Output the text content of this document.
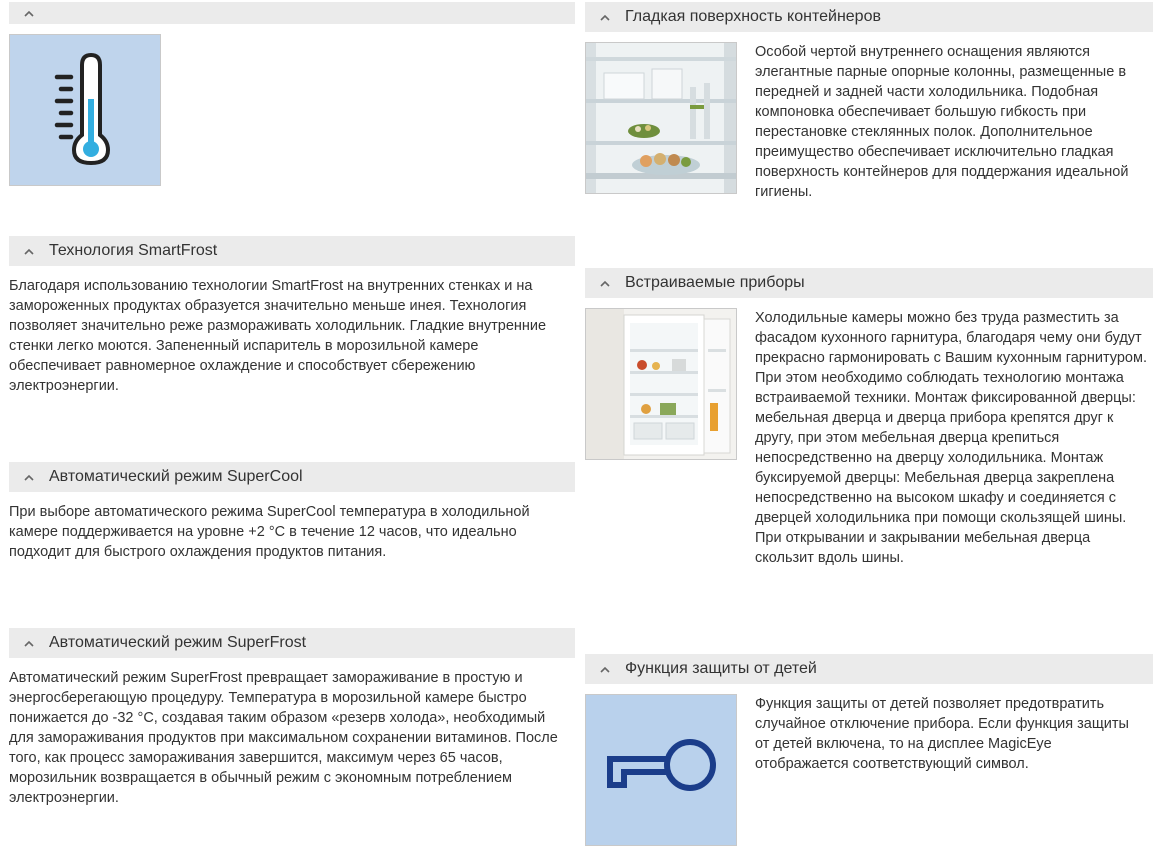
Технология SmartFrost
Благодаря использованию технологии SmartFrost на внутренних стенках и на замороженных продуктах образуется значительно меньше инея. Технология позволяет значительно реже размораживать холодильник. Гладкие внутренние стенки легко моются. Запененный испаритель в морозильной камере обеспечивает равномерное охлаждение и способствует сбережению электроэнергии.
Автоматический режим SuperCool
При выборе автоматического режима SuperCool температура в холодильной камере поддерживается на уровне +2 °С в течение 12 часов, что идеально подходит для быстрого охлаждения продуктов питания.
Автоматический режим SuperFrost
Автоматический режим SuperFrost превращает замораживание в простую и энергосберегающую процедуру. Температура в морозильной камере быстро понижается до -32 °С, создавая таким образом «резерв холода», необходимый для замораживания продуктов при максимальном сохранении витаминов. После того, как процесс замораживания завершится, максимум через 65 часов, морозильник возвращается в обычный режим с экономным потреблением электроэнергии.
Гладкая поверхность контейнеров
Особой чертой внутреннего оснащения являются элегантные парные опорные колонны, размещенные в передней и задней части холодильника. Подобная компоновка обеспечивает большую гибкость при перестановке стеклянных полок. Дополнительное преимущество обеспечивает исключительно гладкая поверхность контейнеров для поддержания идеальной гигиены.
Встраиваемые приборы
Холодильные камеры можно без труда разместить за фасадом кухонного гарнитура, благодаря чему они будут прекрасно гармонировать с Вашим кухонным гарнитуром. При этом необходимо соблюдать технологию монтажа встраиваемой техники. Монтаж фиксированной дверцы: мебельная дверца и дверца прибора крепятся друг к другу, при этом мебельная дверца крепиться непосредственно на дверцу холодильника. Монтаж буксируемой дверцы: Мебельная дверца закреплена непосредственно на высоком шкафу и соединяется с дверцей холодильника при помощи скользящей шины. При открывании и закрывании мебельная дверца скользит вдоль шины.
Функция защиты от детей
Функция защиты от детей позволяет предотвратить случайное отключение прибора. Если функция защиты от детей включена, то на дисплее MagicEye отображается соответствующий символ.
